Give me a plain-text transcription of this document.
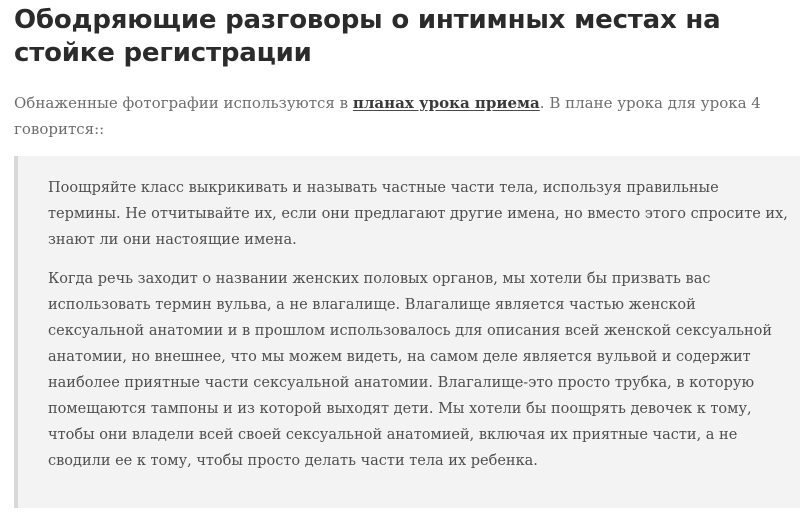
Ободряющие разговоры о интимных местах на стойке регистрации

Обнаженные фотографии используются в планах урока приема. В плане урока для урока 4 говорится::

Поощряйте класс выкрикивать и называть частные части тела, используя правильные термины. Не отчитывайте их, если они предлагают другие имена, но вместо этого спросите их, знают ли они настоящие имена.

Когда речь заходит о названии женских половых органов, мы хотели бы призвать вас использовать термин вульва, а не влагалище. Влагалище является частью женской сексуальной анатомии и в прошлом использовалось для описания всей женской сексуальной анатомии, но внешнее, что мы можем видеть, на самом деле является вульвой и содержит наиболее приятные части сексуальной анатомии. Влагалище-это просто трубка, в которую помещаются тампоны и из которой выходят дети. Мы хотели бы поощрять девочек к тому, чтобы они владели всей своей сексуальной анатомией, включая их приятные части, а не сводили ее к тому, чтобы просто делать части тела их ребенка.
